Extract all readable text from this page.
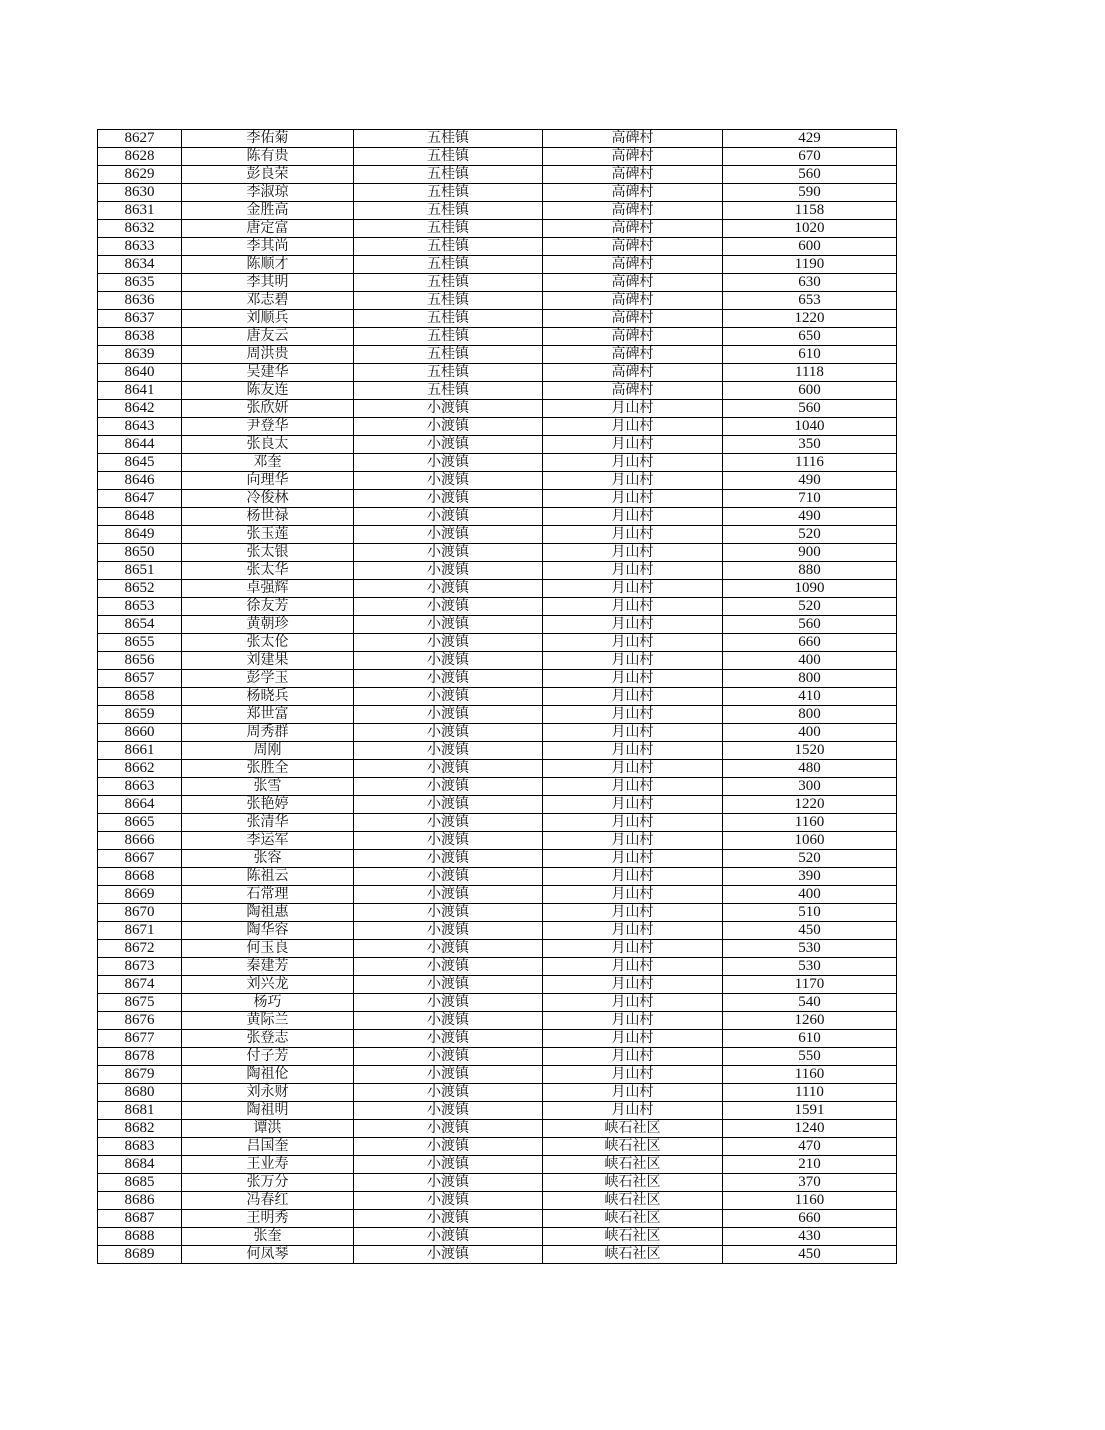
8627	李佑菊	五桂镇	高碑村	429
8628	陈有贵	五桂镇	高碑村	670
8629	彭良荣	五桂镇	高碑村	560
8630	李淑琼	五桂镇	高碑村	590
8631	金胜高	五桂镇	高碑村	1158
8632	唐定富	五桂镇	高碑村	1020
8633	李其尚	五桂镇	高碑村	600
8634	陈顺才	五桂镇	高碑村	1190
8635	李其明	五桂镇	高碑村	630
8636	邓志碧	五桂镇	高碑村	653
8637	刘顺兵	五桂镇	高碑村	1220
8638	唐友云	五桂镇	高碑村	650
8639	周洪贵	五桂镇	高碑村	610
8640	吴建华	五桂镇	高碑村	1118
8641	陈友连	五桂镇	高碑村	600
8642	张欣妍	小渡镇	月山村	560
8643	尹登华	小渡镇	月山村	1040
8644	张良太	小渡镇	月山村	350
8645	邓奎	小渡镇	月山村	1116
8646	向理华	小渡镇	月山村	490
8647	冷俊林	小渡镇	月山村	710
8648	杨世禄	小渡镇	月山村	490
8649	张玉莲	小渡镇	月山村	520
8650	张太银	小渡镇	月山村	900
8651	张太华	小渡镇	月山村	880
8652	卓强辉	小渡镇	月山村	1090
8653	徐友芳	小渡镇	月山村	520
8654	黄朝珍	小渡镇	月山村	560
8655	张太伦	小渡镇	月山村	660
8656	刘建果	小渡镇	月山村	400
8657	彭学玉	小渡镇	月山村	800
8658	杨晓兵	小渡镇	月山村	410
8659	郑世富	小渡镇	月山村	800
8660	周秀群	小渡镇	月山村	400
8661	周刚	小渡镇	月山村	1520
8662	张胜全	小渡镇	月山村	480
8663	张雪	小渡镇	月山村	300
8664	张艳婷	小渡镇	月山村	1220
8665	张清华	小渡镇	月山村	1160
8666	李运军	小渡镇	月山村	1060
8667	张容	小渡镇	月山村	520
8668	陈祖云	小渡镇	月山村	390
8669	石常理	小渡镇	月山村	400
8670	陶祖惠	小渡镇	月山村	510
8671	陶华容	小渡镇	月山村	450
8672	何玉良	小渡镇	月山村	530
8673	秦建芳	小渡镇	月山村	530
8674	刘兴龙	小渡镇	月山村	1170
8675	杨巧	小渡镇	月山村	540
8676	黄际兰	小渡镇	月山村	1260
8677	张登志	小渡镇	月山村	610
8678	付子芳	小渡镇	月山村	550
8679	陶祖伦	小渡镇	月山村	1160
8680	刘永财	小渡镇	月山村	1110
8681	陶祖明	小渡镇	月山村	1591
8682	谭洪	小渡镇	峡石社区	1240
8683	吕国奎	小渡镇	峡石社区	470
8684	王业寿	小渡镇	峡石社区	210
8685	张万分	小渡镇	峡石社区	370
8686	冯春红	小渡镇	峡石社区	1160
8687	王明秀	小渡镇	峡石社区	660
8688	张奎	小渡镇	峡石社区	430
8689	何凤琴	小渡镇	峡石社区	450
